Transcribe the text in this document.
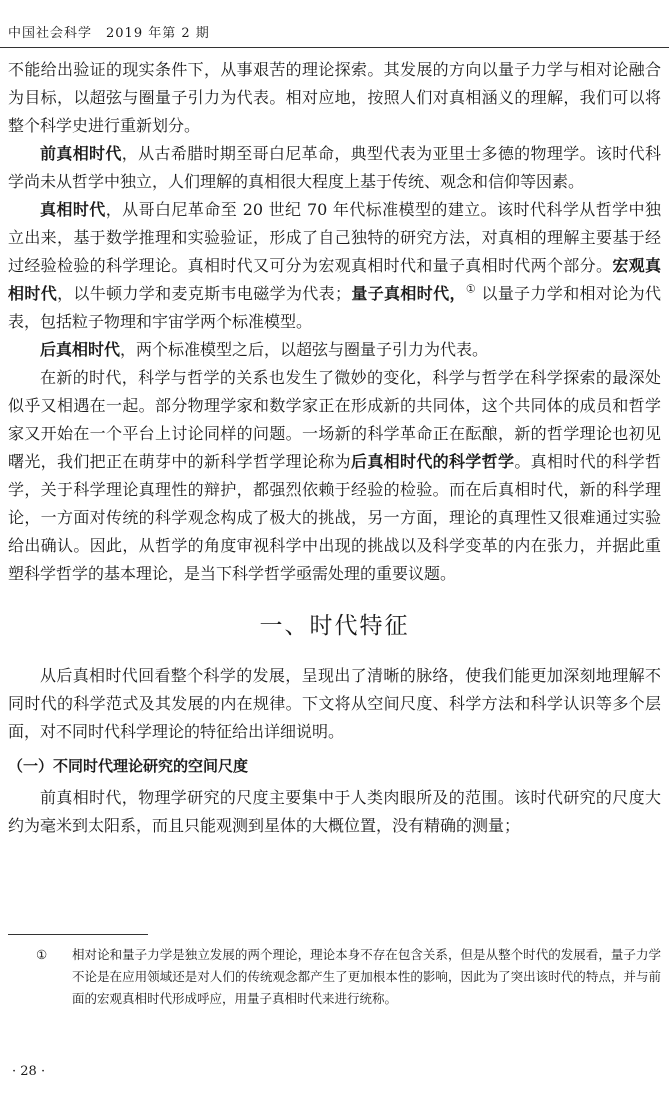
中国社会科学　2019 年第 2 期

不能给出验证的现实条件下，从事艰苦的理论探索。其发展的方向以量子力学与相对论融合为目标，以超弦与圈量子引力为代表。相对应地，按照人们对真相涵义的理解，我们可以将整个科学史进行重新划分。

前真相时代，从古希腊时期至哥白尼革命，典型代表为亚里士多德的物理学。该时代科学尚未从哲学中独立，人们理解的真相很大程度上基于传统、观念和信仰等因素。

真相时代，从哥白尼革命至 20 世纪 70 年代标准模型的建立。该时代科学从哲学中独立出来，基于数学推理和实验验证，形成了自己独特的研究方法，对真相的理解主要基于经过经验检验的科学理论。真相时代又可分为宏观真相时代和量子真相时代两个部分。宏观真相时代，以牛顿力学和麦克斯韦电磁学为代表；量子真相时代，① 以量子力学和相对论为代表，包括粒子物理和宇宙学两个标准模型。

后真相时代，两个标准模型之后，以超弦与圈量子引力为代表。

在新的时代，科学与哲学的关系也发生了微妙的变化，科学与哲学在科学探索的最深处似乎又相遇在一起。部分物理学家和数学家正在形成新的共同体，这个共同体的成员和哲学家又开始在一个平台上讨论同样的问题。一场新的科学革命正在酝酿，新的哲学理论也初见曙光，我们把正在萌芽中的新科学哲学理论称为后真相时代的科学哲学。真相时代的科学哲学，关于科学理论真理性的辩护，都强烈依赖于经验的检验。而在后真相时代，新的科学理论，一方面对传统的科学观念构成了极大的挑战，另一方面，理论的真理性又很难通过实验给出确认。因此，从哲学的角度审视科学中出现的挑战以及科学变革的内在张力，并据此重塑科学哲学的基本理论，是当下科学哲学亟需处理的重要议题。

一、时代特征

从后真相时代回看整个科学的发展，呈现出了清晰的脉络，使我们能更加深刻地理解不同时代的科学范式及其发展的内在规律。下文将从空间尺度、科学方法和科学认识等多个层面，对不同时代科学理论的特征给出详细说明。

（一）不同时代理论研究的空间尺度

前真相时代，物理学研究的尺度主要集中于人类肉眼所及的范围。该时代研究的尺度大约为毫米到太阳系，而且只能观测到星体的大概位置，没有精确的测量；

① 相对论和量子力学是独立发展的两个理论，理论本身不存在包含关系，但是从整个时代的发展看，量子力学不论是在应用领域还是对人们的传统观念都产生了更加根本性的影响，因此为了突出该时代的特点，并与前面的宏观真相时代形成呼应，用量子真相时代来进行统称。
· 28 ·
